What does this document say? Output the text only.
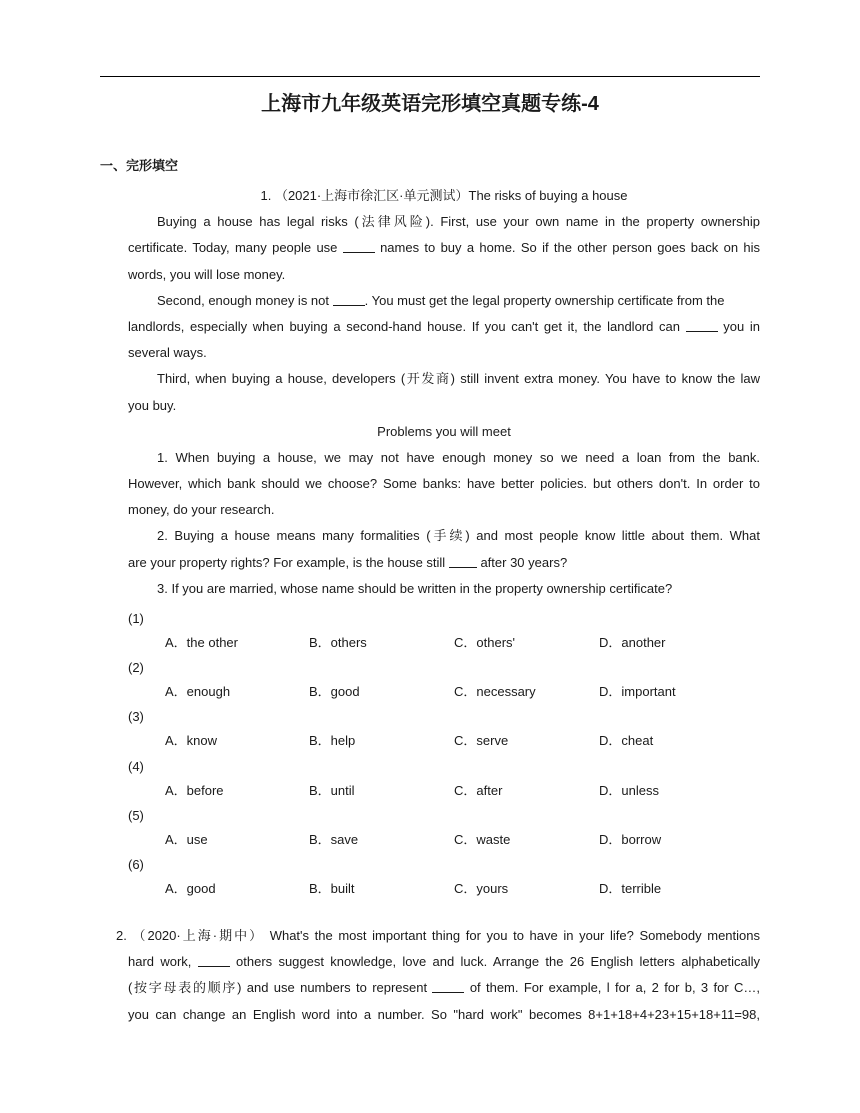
上海市九年级英语完形填空真题专练-4
一、完形填空
1. （2021·上海市徐汇区·单元测试）The risks of buying a house
Buying a house has legal risks (法律风险). First, use your own name in the property ownership
certificate. Today, many people use	names to buy a home. So if the other person goes back on his
words, you will lose money.
Second, enough money is not	. You must get the legal property ownership certificate from the
landlords, especially when buying a second-hand house. If you can't get it, the landlord can	you in
several ways.
Third, when buying a house, developers (开发商) still invent extra money. You have to know the law
you buy.
Problems you will meet
1. When buying a house, we may not have enough money so we need a loan from the bank.
However, which bank should we choose? Some banks: have better policies. but others don't. In order to
money, do your research.
2. Buying a house means many formalities (手续) and most people know little about them. What
are your property rights? For example, is the house still	after 30 years?
3. If you are married, whose name should be written in the property ownership certificate?
(1)
A．the other	B．others	C．others'	D．another
(2)
A．enough	B．good	C．necessary	D．important
(3)
A．know	B．help	C．serve	D．cheat
(4)
A．before	B．until	C．after	D．unless
(5)
A．use	B．save	C．waste	D．borrow
(6)
A．good	B．built	C．yours	D．terrible
2. （2020·上海·期中） What's the most important thing for you to have in your life? Somebody mentions
hard work,	others suggest knowledge, love and luck. Arrange the 26 English letters alphabetically
(按字母表的顺序) and use numbers to represent	of them. For example, l for a, 2 for b, 3 for C…,
you can change an English word into a number. So "hard work" becomes 8+1+18+4+23+15+18+11=98,
